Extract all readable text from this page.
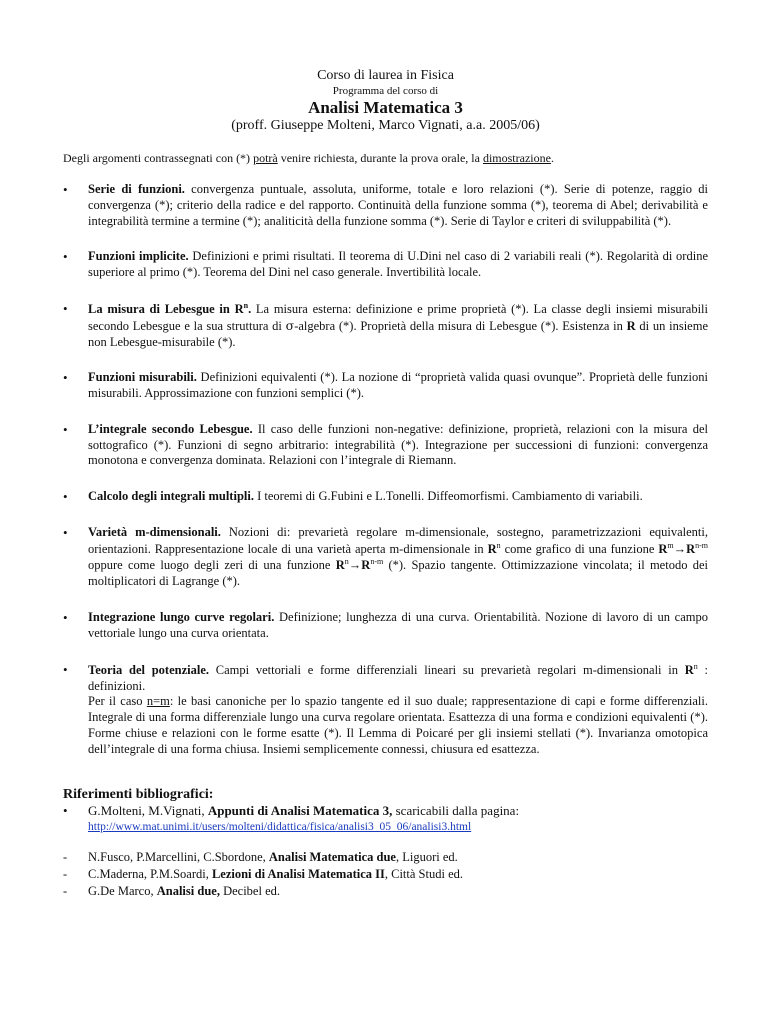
Corso di laurea in Fisica
Programma del corso di
Analisi Matematica 3
(proff. Giuseppe Molteni, Marco Vignati, a.a. 2005/06)
Degli argomenti contrassegnati con (*) potrà venire richiesta, durante la prova orale, la dimostrazione.
• Serie di funzioni. convergenza puntuale, assoluta, uniforme, totale e loro relazioni (*). Serie di potenze, raggio di convergenza (*); criterio della radice e del rapporto. Continuità della funzione somma (*), teorema di Abel; derivabilità e integrabilità termine a termine (*); analiticità della funzione somma (*). Serie di Taylor e criteri di sviluppabilità (*).
• Funzioni implicite. Definizioni e primi risultati. Il teorema di U.Dini nel caso di 2 variabili reali (*). Regolarità di ordine superiore al primo (*). Teorema del Dini nel caso generale. Invertibilità locale.
• La misura di Lebesgue in $R^n$. La misura esterna: definizione e prime proprietà (*). La classe degli insiemi misurabili secondo Lebesgue e la sua struttura di σ-algebra (*). Proprietà della misura di Lebesgue (*). Esistenza in R di un insieme non Lebesgue-misurabile (*).
• Funzioni misurabili. Definizioni equivalenti (*). La nozione di “proprietà valida quasi ovunque”. Proprietà delle funzioni misurabili. Approssimazione con funzioni semplici (*).
• L’integrale secondo Lebesgue. Il caso delle funzioni non-negative: definizione, proprietà, relazioni con la misura del sottografico (*). Funzioni di segno arbitrario: integrabilità (*). Integrazione per successioni di funzioni: convergenza monotona e convergenza dominata. Relazioni con l’integrale di Riemann.
• Calcolo degli integrali multipli. I teoremi di G.Fubini e L.Tonelli. Diffeomorfismi. Cambiamento di variabili.
• Varietà m-dimensionali. Nozioni di: prevarietà regolare m-dimensionale, sostegno, parametrizzazioni equivalenti, orientazioni. Rappresentazione locale di una varietà aperta m-dimensionale in $R^n$ come grafico di una funzione $R^m\to R^{n-m}$ oppure come luogo degli zeri di una funzione $R^n\to R^{n-m}$ (*). Spazio tangente. Ottimizzazione vincolata; il metodo dei moltiplicatori di Lagrange (*).
• Integrazione lungo curve regolari. Definizione; lunghezza di una curva. Orientabilità. Nozione di lavoro di un campo vettoriale lungo una curva orientata.
• Teoria del potenziale. Campi vettoriali e forme differenziali lineari su prevarietà regolari m-dimensionali in $R^n$ : definizioni.
Per il caso n=m: le basi canoniche per lo spazio tangente ed il suo duale; rappresentazione di capi e forme differenziali. Integrale di una forma differenziale lungo una curva regolare orientata. Esattezza di una forma e condizioni equivalenti (*). Forme chiuse e relazioni con le forme esatte (*). Il Lemma di Poicaré per gli insiemi stellati (*). Invarianza omotopica dell’integrale di una forma chiusa. Insiemi semplicemente connessi, chiusura ed esattezza.
Riferimenti bibliografici:
• G.Molteni, M.Vignati, Appunti di Analisi Matematica 3, scaricabili dalla pagina:
http://www.mat.unimi.it/users/molteni/didattica/fisica/analisi3_05_06/analisi3.html
- N.Fusco, P.Marcellini, C.Sbordone, Analisi Matematica due, Liguori ed.
- C.Maderna, P.M.Soardi, Lezioni di Analisi Matematica II, Città Studi ed.
- G.De Marco, Analisi due, Decibel ed.
